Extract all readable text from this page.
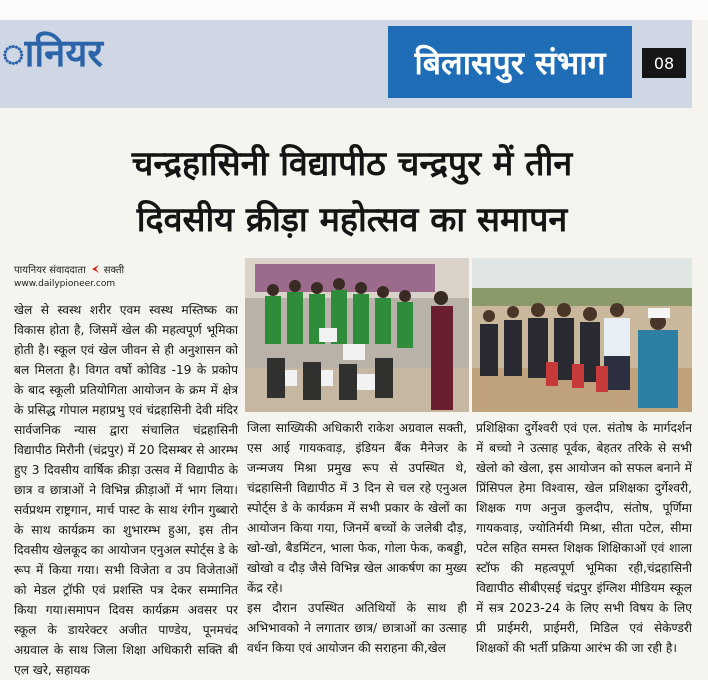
ानियर	बिलासपुर संभाग	08
चन्द्रहासिनी विद्यापीठ चन्द्रपुर में तीन
दिवसीय क्रीड़ा महोत्सव का समापन
पायनियर संवाददाता सक्ती
www.dailypioneer.com
खेल से स्वस्थ शरीर एवम स्वस्थ मस्तिष्क का विकास होता है, जिसमें खेल की महत्वपूर्ण भूमिका होती है। स्कूल एवं खेल जीवन से ही अनुशासन को बल मिलता है। विगत वर्षो कोविड -19 के प्रकोप के बाद स्कूली प्रतियोगिता आयोजन के क्रम में क्षेत्र के प्रसिद्ध गोपाल महाप्रभु एवं चंद्रहासिनी देवी मंदिर सार्वजनिक न्यास द्वारा संचालित चंद्रहासिनी विद्यापीठ मिरौनी (चंद्रपुर) में 20 दिसम्बर से आरम्भ हुए 3 दिवसीय वार्षिक क्रीड़ा उत्सव में विद्यापीठ के छात्र व छात्राओं ने विभिन्न क्रीड़ाओं में भाग लिया। सर्वप्रथम राष्ट्रगान, मार्च पास्ट के साथ रंगीन गुब्बारो के साथ कार्यक्रम का शुभारम्भ हुआ, इस तीन दिवसीय खेलकूद का आयोजन एनुअल स्पोर्ट्स डे के रूप में किया गया। सभी विजेता व उप विजेताओं को मेडल ट्रॉफी एवं प्रशस्ति पत्र देकर सम्मानित किया गया।समापन दिवस कार्यक्रम अवसर पर स्कूल के डायरेक्टर अजीत पाण्डेय, पूनमचंद अग्रवाल के साथ जिला शिक्षा अधिकारी सक्ति बी एल खरे, सहायक
जिला साख्यिकी अधिकारी राकेश अग्रवाल सक्ती, एस आई गायकवाड़, इंडियन बैंक मैनेजर के जन्मजय मिश्रा प्रमुख रूप से उपस्थित थे, चंद्रहासिनी विद्यापीठ में 3 दिन से चल रहे एनुअल स्पोर्ट्स डे के कार्यक्रम में सभी प्रकार के खेलों का आयोजन किया गया, जिनमें बच्चों के जलेबी दौड़, खो-खो, बैडमिंटन, भाला फेक, गोला फेक, कबड्डी, खोखो व दौड़ जैसे विभिन्न खेल आकर्षण का मुख्य केंद्र रहे।
इस दौरान उपस्थित अतिथियों के साथ ही अभिभावको ने लगातार छात्र/ छात्राओं का उत्साह वर्धन किया एवं आयोजन की सराहना की,खेल
प्रशिक्षिका दुर्गेश्वरी एवं एल. संतोष के मार्गदर्शन में बच्चो ने उत्साह पूर्वक, बेहतर तरिके से सभी खेलो को खेला, इस आयोजन को सफल बनाने में प्रिंसिपल हेमा विश्वास, खेल प्रशिक्षका दुर्गेश्वरी, शिक्षक गण अनुज कुलदीप, संतोष, पूर्णिमा गायकवाड़, ज्योतिर्मयी मिश्रा, सीता पटेल, सीमा पटेल सहित समस्त शिक्षक शिक्षिकाओं एवं शाला स्टॉफ की महत्वपूर्ण भूमिका रही,चंद्रहासिनी विद्यापीठ सीबीएसई चंद्रपुर इंग्लिश मीडियम स्कूल में सत्र 2023-24 के लिए सभी विषय के लिए प्री प्राईमरी, प्राईमरी, मिडिल एवं सेकेण्डरी शिक्षकों की भर्ती प्रक्रिया आरंभ की जा रही है।
